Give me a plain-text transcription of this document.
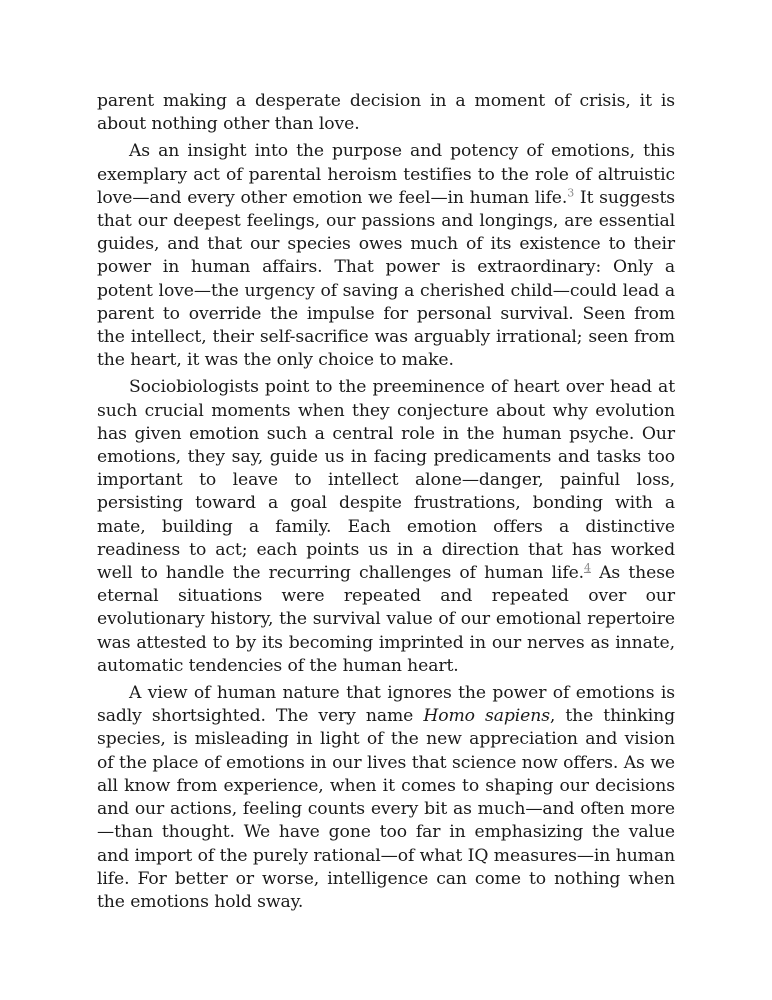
parent making a desperate decision in a moment of crisis, it is about nothing other than love.

As an insight into the purpose and potency of emotions, this exemplary act of parental heroism testifies to the role of altruistic love—and every other emotion we feel—in human life.$^3$ It suggests that our deepest feelings, our passions and longings, are essential guides, and that our species owes much of its existence to their power in human affairs. That power is extraordinary: Only a potent love—the urgency of saving a cherished child—could lead a parent to override the impulse for personal survival. Seen from the intellect, their self-sacrifice was arguably irrational; seen from the heart, it was the only choice to make.

Sociobiologists point to the preeminence of heart over head at such crucial moments when they conjecture about why evolution has given emotion such a central role in the human psyche. Our emotions, they say, guide us in facing predicaments and tasks too important to leave to intellect alone—danger, painful loss, persisting toward a goal despite frustrations, bonding with a mate, building a family. Each emotion offers a distinctive readiness to act; each points us in a direction that has worked well to handle the recurring challenges of human life.$^4$ As these eternal situations were repeated and repeated over our evolutionary history, the survival value of our emotional repertoire was attested to by its becoming imprinted in our nerves as innate, automatic tendencies of the human heart.

A view of human nature that ignores the power of emotions is sadly shortsighted. The very name Homo sapiens, the thinking species, is misleading in light of the new appreciation and vision of the place of emotions in our lives that science now offers. As we all know from experience, when it comes to shaping our decisions and our actions, feeling counts every bit as much—and often more—than thought. We have gone too far in emphasizing the value and import of the purely rational—of what IQ measures—in human life. For better or worse, intelligence can come to nothing when the emotions hold sway.
